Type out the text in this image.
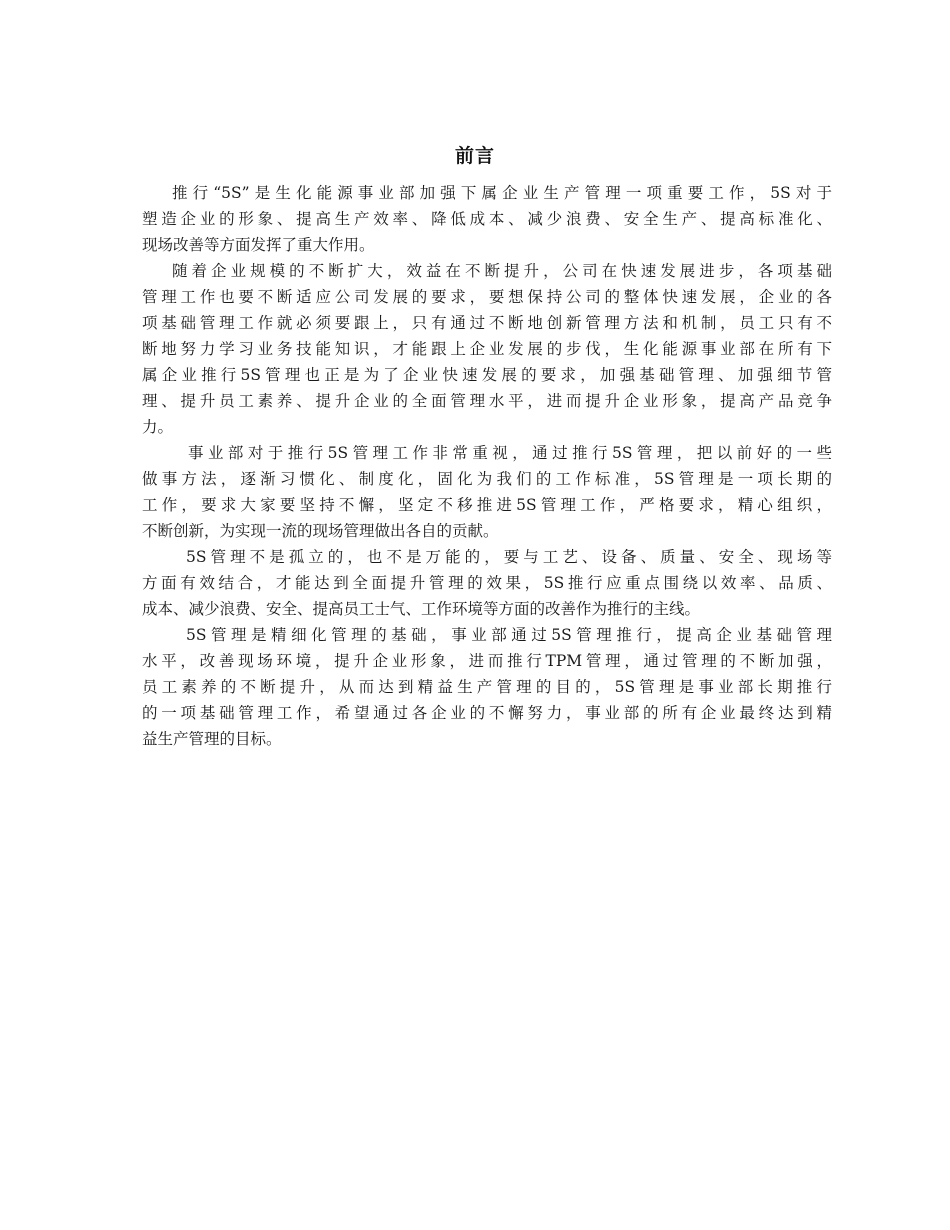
前言
推行“5S”是生化能源事业部加强下属企业生产管理一项重要工作，5S对于
塑造企业的形象、提高生产效率、降低成本、减少浪费、安全生产、提高标准化、
现场改善等方面发挥了重大作用。
随着企业规模的不断扩大，效益在不断提升，公司在快速发展进步，各项基础
管理工作也要不断适应公司发展的要求，要想保持公司的整体快速发展，企业的各
项基础管理工作就必须要跟上，只有通过不断地创新管理方法和机制，员工只有不
断地努力学习业务技能知识，才能跟上企业发展的步伐，生化能源事业部在所有下
属企业推行5S管理也正是为了企业快速发展的要求，加强基础管理、加强细节管
理、提升员工素养、提升企业的全面管理水平，进而提升企业形象，提高产品竞争
力。
事业部对于推行5S管理工作非常重视，通过推行5S管理，把以前好的一些
做事方法，逐渐习惯化、制度化，固化为我们的工作标准，5S管理是一项长期的
工作，要求大家要坚持不懈，坚定不移推进5S管理工作，严格要求，精心组织，
不断创新，为实现一流的现场管理做出各自的贡献。
5S管理不是孤立的，也不是万能的，要与工艺、设备、质量、安全、现场等
方面有效结合，才能达到全面提升管理的效果，5S推行应重点围绕以效率、品质、
成本、减少浪费、安全、提高员工士气、工作环境等方面的改善作为推行的主线。
5S管理是精细化管理的基础，事业部通过5S管理推行，提高企业基础管理
水平，改善现场环境，提升企业形象，进而推行TPM管理，通过管理的不断加强，
员工素养的不断提升，从而达到精益生产管理的目的，5S管理是事业部长期推行
的一项基础管理工作，希望通过各企业的不懈努力，事业部的所有企业最终达到精
益生产管理的目标。
